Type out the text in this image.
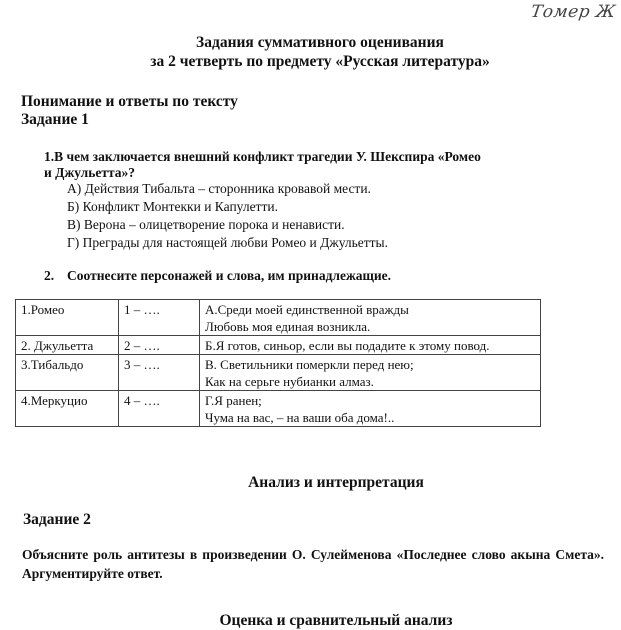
Томер Ж
Задания суммативного оценивания
за 2 четверть по предмету «Русская литература»
Понимание и ответы по тексту
Задание 1
1.В чем заключается внешний конфликт трагедии У. Шекспира «Ромео
и Джульетта»?
А) Действия Тибальта – сторонника кровавой мести.
Б) Конфликт Монтекки и Капулетти.
В) Верона – олицетворение порока и ненависти.
Г) Преграды для настоящей любви Ромео и Джульетты.
2. Соотнесите персонажей и слова, им принадлежащие.
1.Ромео	1 – ….	А.Среди моей единственной вражды
Любовь моя единая возникла.

2. Джульетта	2 – ….	Б.Я готов, синьор, если вы подадите к этому повод.

3.Тибальдо	3 – ….	В. Светильники померкли перед нею;
Как на серьге нубианки алмаз.

4.Меркуцио	4 – ….	Г.Я ранен;
Чума на вас, – на ваши оба дома!..
Анализ и интерпретация
Задание 2
Объясните роль антитезы в произведении О. Сулейменова «Последнее слово акына Смета». Аргументируйте ответ.
Оценка и сравнительный анализ
